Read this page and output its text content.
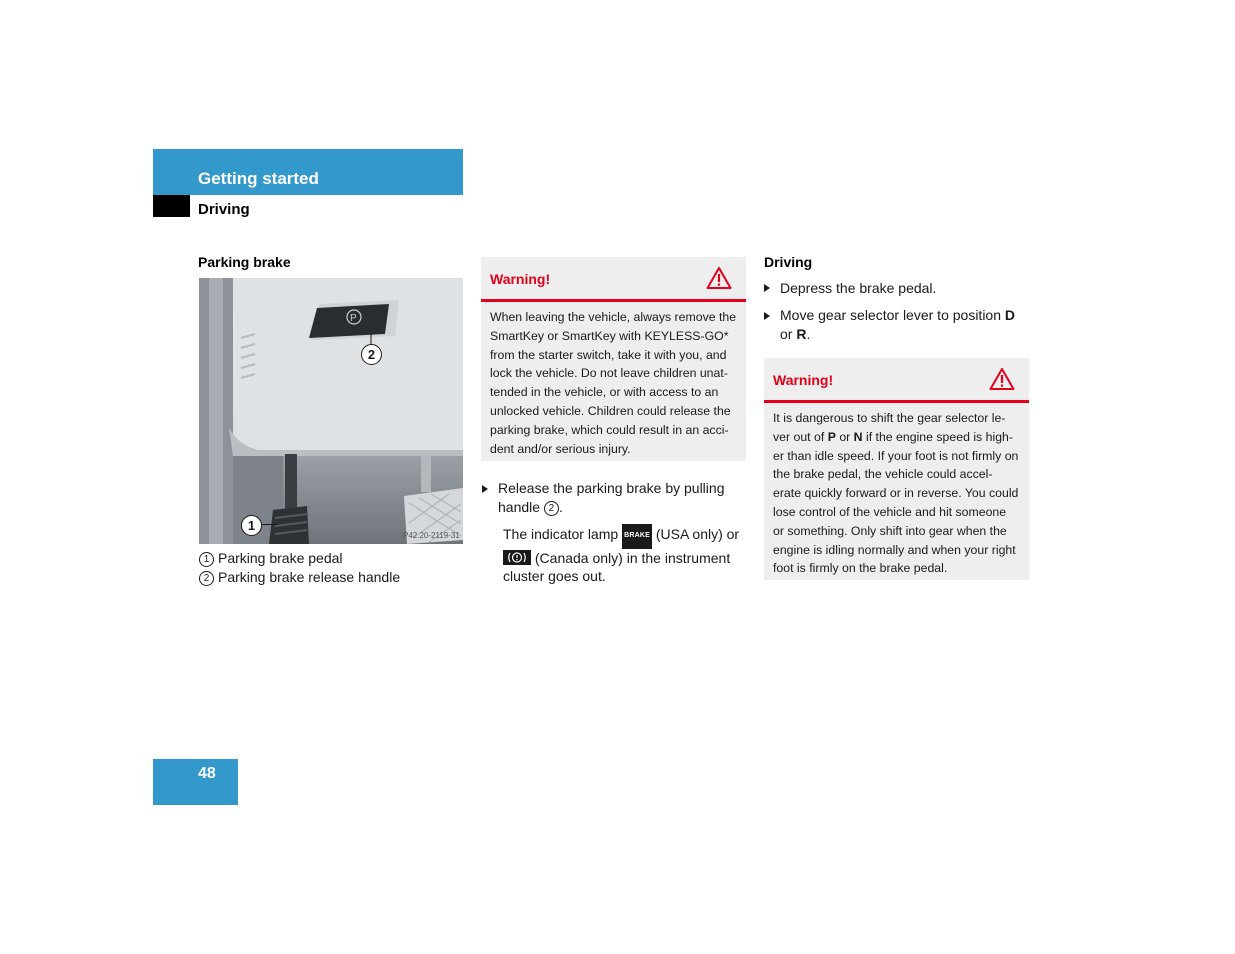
Getting started
Driving
Parking brake
P
2
1
P42.20-2119-31
1 Parking brake pedal
2 Parking brake release handle
Warning!
When leaving the vehicle, always remove the SmartKey or SmartKey with KEYLESS-GO* from the starter switch, take it with you, and lock the vehicle. Do not leave children unat-tended in the vehicle, or with access to an unlocked vehicle. Children could release the parking brake, which could result in an acci-dent and/or serious injury.
Release the parking brake by pulling handle 2 .
The indicator lamp BRAKE (USA only) or  (Canada only) in the instrument cluster goes out.
Driving
Depress the brake pedal.
Move gear selector lever to position D or R.
Warning!
It is dangerous to shift the gear selector le-ver out of P or N if the engine speed is high-er than idle speed. If your foot is not firmly on the brake pedal, the vehicle could accel-erate quickly forward or in reverse. You could lose control of the vehicle and hit someone or something. Only shift into gear when the engine is idling normally and when your right foot is firmly on the brake pedal.
48
